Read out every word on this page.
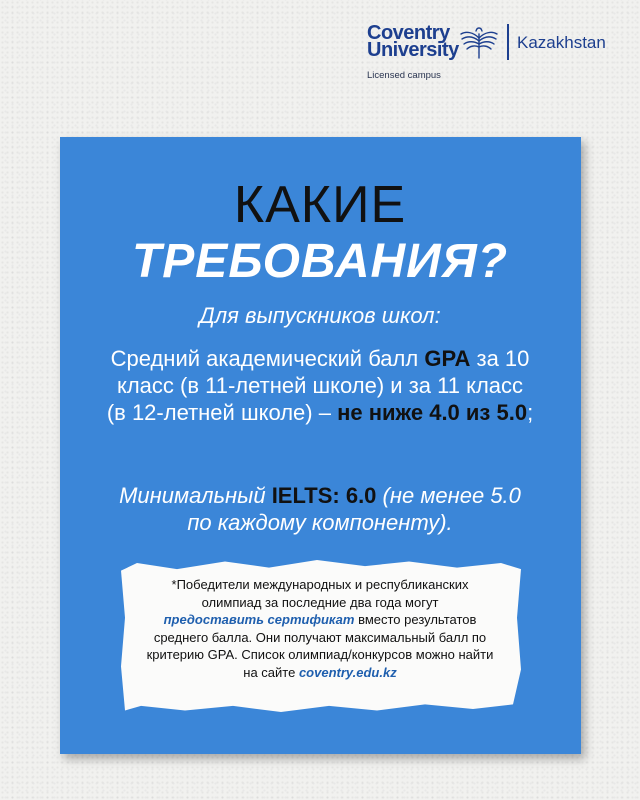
Coventry
University	Kazakhstan
Licensed campus
КАКИЕ
ТРЕБОВАНИЯ?
Для выпускников школ:
Средний академический балл GPA за 10 класс (в 11-летней школе) и за 11 класс (в 12-летней школе) – не ниже 4.0 из 5.0;
Минимальный IELTS: 6.0 (не менее 5.0 по каждому компоненту).
*Победители международных и республиканских олимпиад за последние два года могут предоставить сертификат вместо результатов среднего балла. Они получают максимальный балл по критерию GPA. Список олимпиад/конкурсов можно найти на сайте coventry.edu.kz
